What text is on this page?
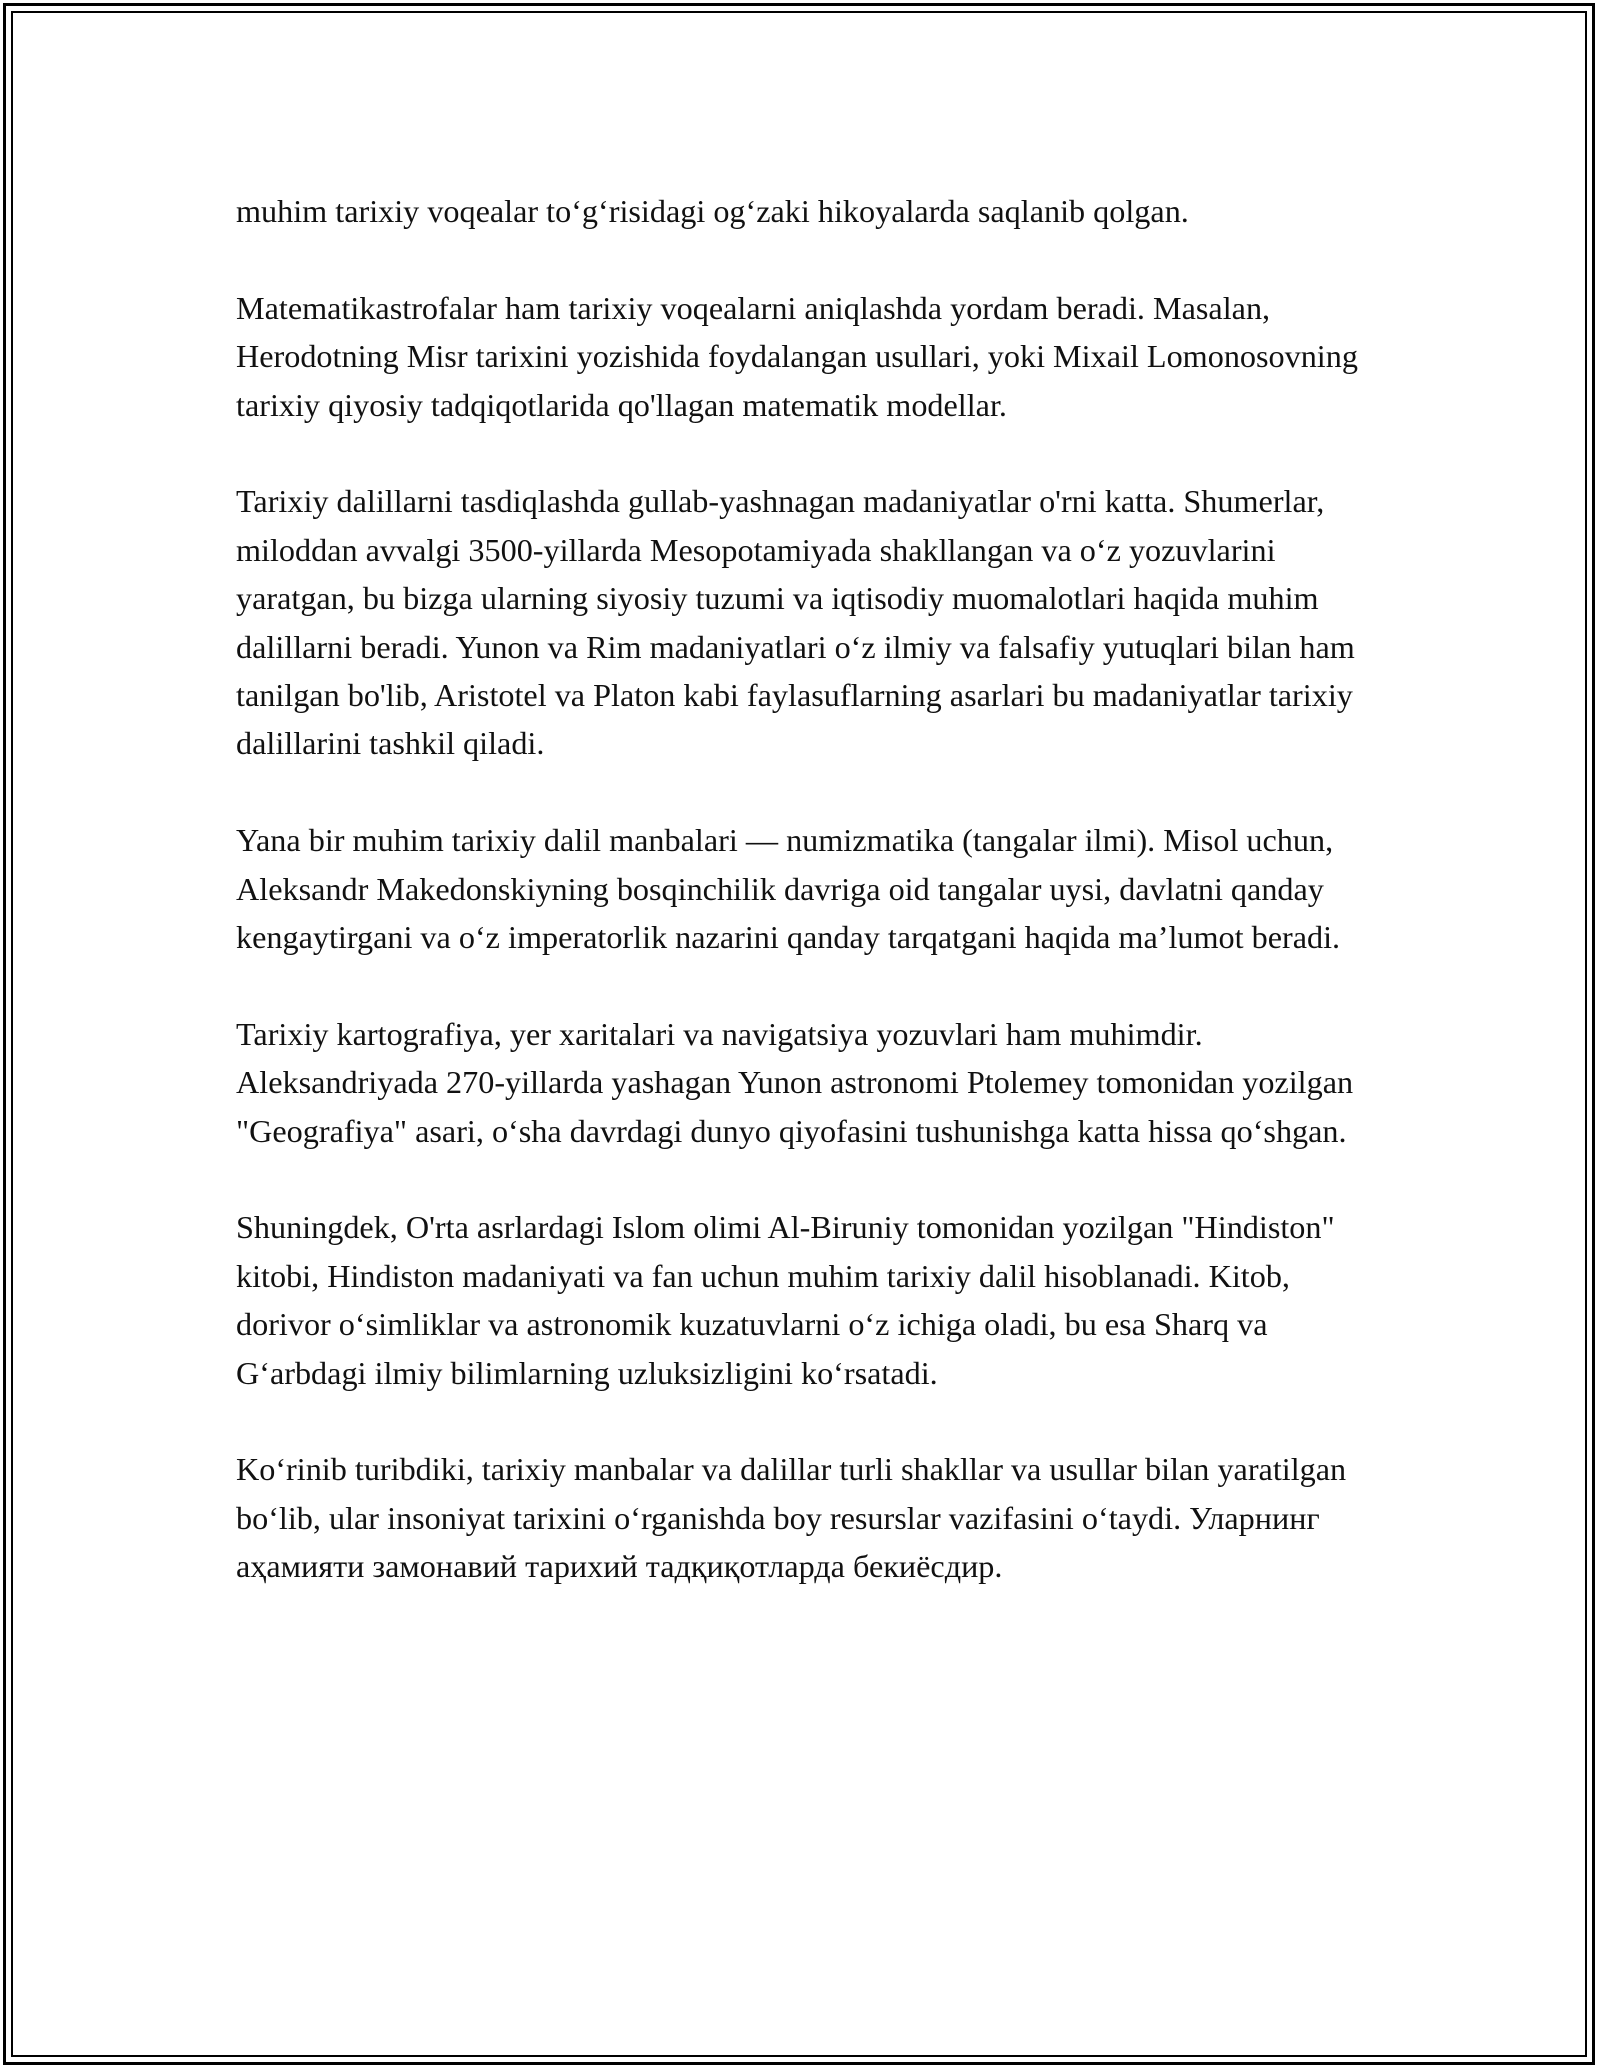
muhim tarixiy voqealar to‘g‘risidagi og‘zaki hikoyalarda saqlanib qolgan.

Matematikastrofalar ham tarixiy voqealarni aniqlashda yordam beradi. Masalan, Herodotning Misr tarixini yozishida foydalangan usullari, yoki Mixail Lomonosovning tarixiy qiyosiy tadqiqotlarida qo'llagan matematik modellar.

Tarixiy dalillarni tasdiqlashda gullab-yashnagan madaniyatlar o'rni katta. Shumerlar, miloddan avvalgi 3500-yillarda Mesopotamiyada shakllangan va o‘z yozuvlarini yaratgan, bu bizga ularning siyosiy tuzumi va iqtisodiy muomalotlari haqida muhim dalillarni beradi. Yunon va Rim madaniyatlari o‘z ilmiy va falsafiy yutuqlari bilan ham tanilgan bo'lib, Aristotel va Platon kabi faylasuflarning asarlari bu madaniyatlar tarixiy dalillarini tashkil qiladi.

Yana bir muhim tarixiy dalil manbalari — numizmatika (tangalar ilmi). Misol uchun, Aleksandr Makedonskiyning bosqinchilik davriga oid tangalar uysi, davlatni qanday kengaytirgani va o‘z imperatorlik nazarini qanday tarqatgani haqida ma’lumot beradi.

Tarixiy kartografiya, yer xaritalari va navigatsiya yozuvlari ham muhimdir. Aleksandriyada 270-yillarda yashagan Yunon astronomi Ptolemey tomonidan yozilgan "Geografiya" asari, o‘sha davrdagi dunyo qiyofasini tushunishga katta hissa qo‘shgan.

Shuningdek, O'rta asrlardagi Islom olimi Al-Biruniy tomonidan yozilgan "Hindiston" kitobi, Hindiston madaniyati va fan uchun muhim tarixiy dalil hisoblanadi. Kitob, dorivor o‘simliklar va astronomik kuzatuvlarni o‘z ichiga oladi, bu esa Sharq va G‘arbdagi ilmiy bilimlarning uzluksizligini ko‘rsatadi.

Ko‘rinib turibdiki, tarixiy manbalar va dalillar turli shakllar va usullar bilan yaratilgan bo‘lib, ular insoniyat tarixini o‘rganishda boy resurslar vazifasini o‘taydi. Уларнинг аҳамияти замонавий тарихий тадқиқотларда бекиёсдир.
